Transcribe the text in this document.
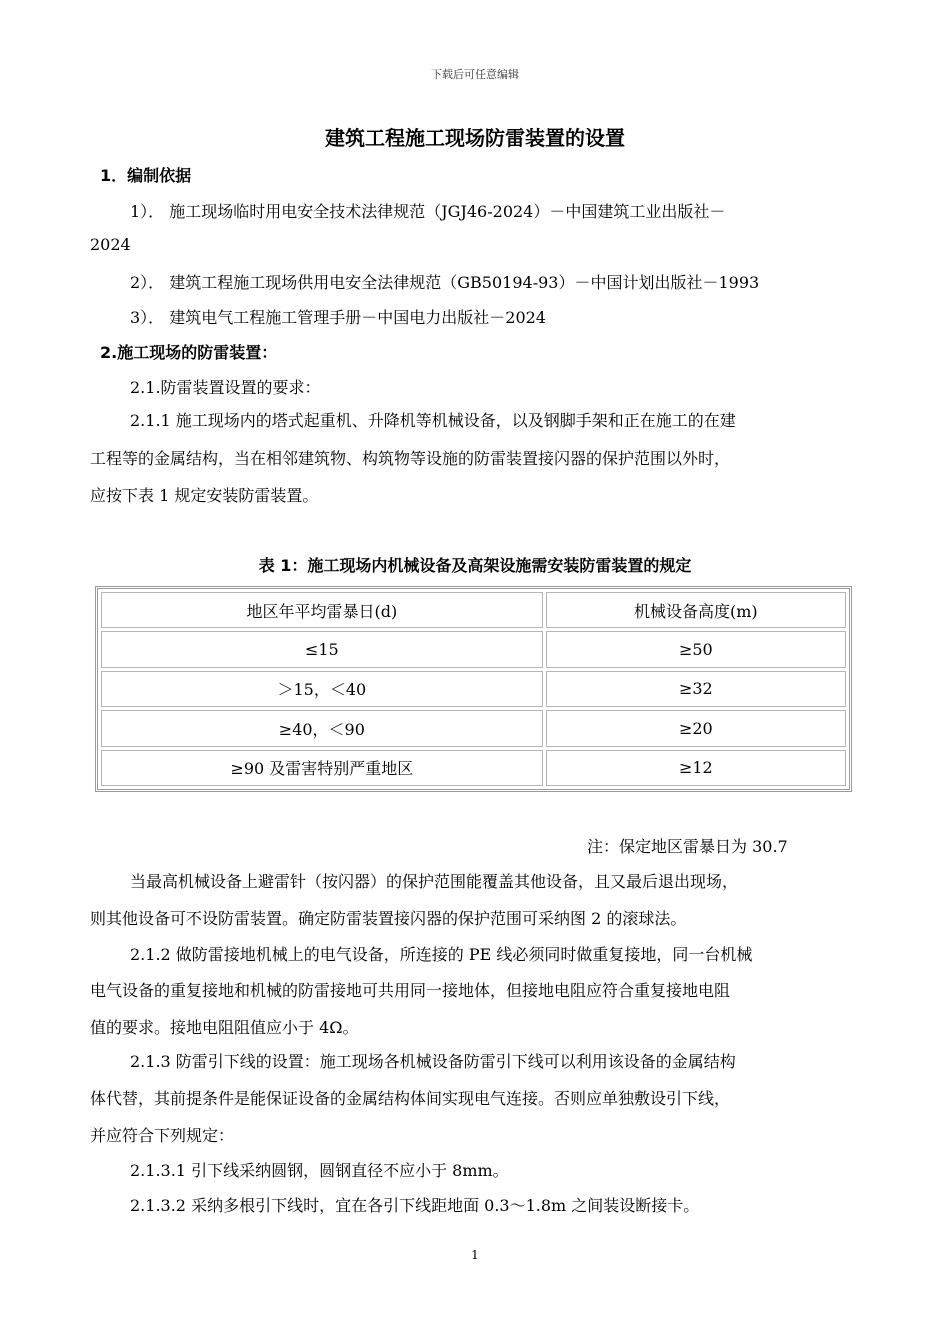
下载后可任意编辑
建筑工程施工现场防雷装置的设置
1．编制依据
1）． 施工现场临时用电安全技术法律规范（JGJ46-2024）－中国建筑工业出版社－
2024
2）． 建筑工程施工现场供用电安全法律规范（GB50194-93）－中国计划出版社－1993
3）． 建筑电气工程施工管理手册－中国电力出版社－2024
2.施工现场的防雷装置：
2.1.防雷装置设置的要求：
2.1.1 施工现场内的塔式起重机、升降机等机械设备，以及钢脚手架和正在施工的在建
工程等的金属结构，当在相邻建筑物、构筑物等设施的防雷装置接闪器的保护范围以外时，
应按下表 1 规定安装防雷装置。
表 1：施工现场内机械设备及高架设施需安装防雷装置的规定
地区年平均雷暴日(d)	机械设备高度(m)
≤15	≥50
＞15，＜40	≥32
≥40，＜90	≥20
≥90 及雷害特别严重地区	≥12
注：保定地区雷暴日为 30.7
当最高机械设备上避雷针（按闪器）的保护范围能覆盖其他设备，且又最后退出现场，
则其他设备可不设防雷装置。确定防雷装置接闪器的保护范围可采纳图 2 的滚球法。
2.1.2 做防雷接地机械上的电气设备，所连接的 PE 线必须同时做重复接地，同一台机械
电气设备的重复接地和机械的防雷接地可共用同一接地体，但接地电阻应符合重复接地电阻
值的要求。接地电阻阻值应小于 4Ω。
2.1.3 防雷引下线的设置：施工现场各机械设备防雷引下线可以利用该设备的金属结构
体代替，其前提条件是能保证设备的金属结构体间实现电气连接。否则应单独敷设引下线，
并应符合下列规定：
2.1.3.1 引下线采纳圆钢，圆钢直径不应小于 8mm。
2.1.3.2 采纳多根引下线时，宜在各引下线距地面 0.3～1.8m 之间装设断接卡。
1
